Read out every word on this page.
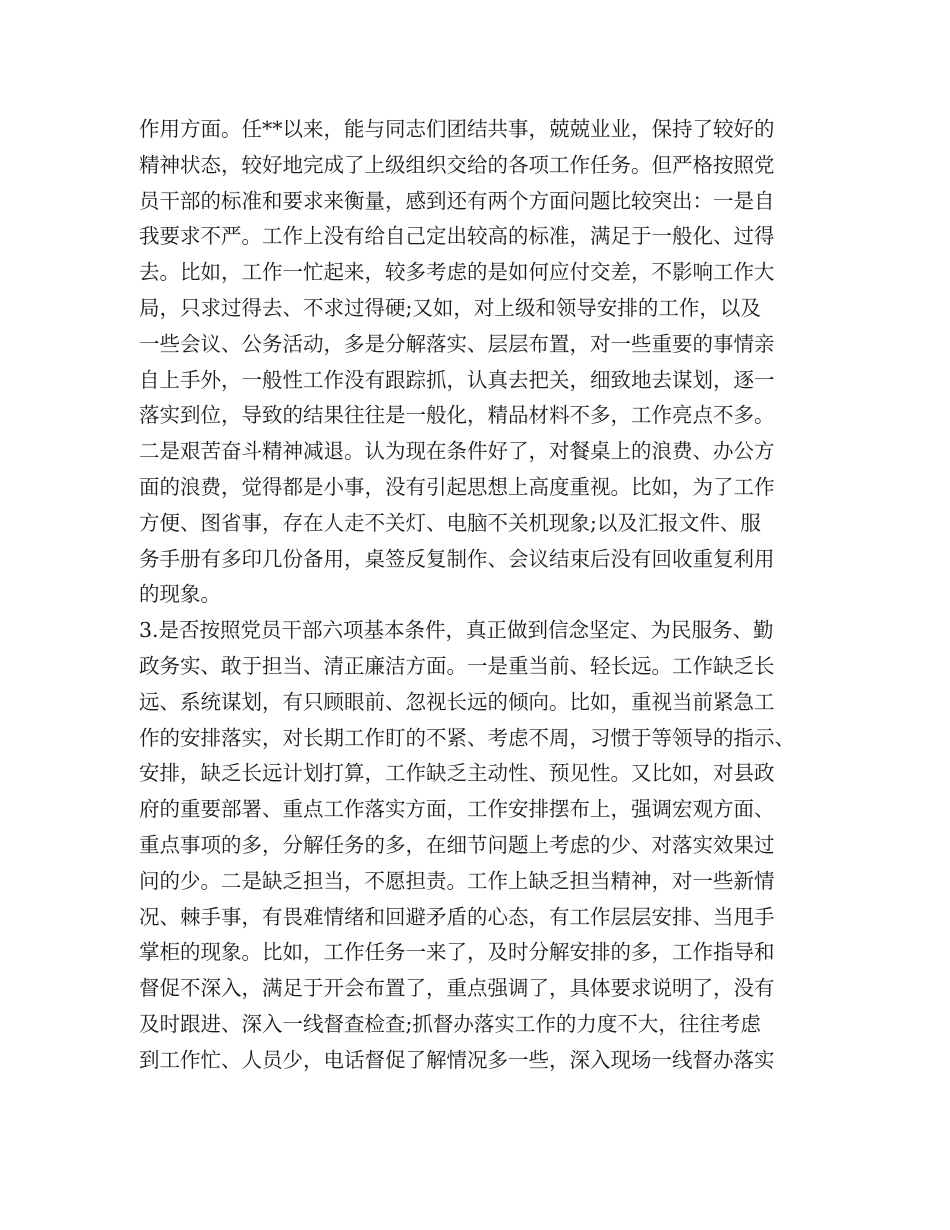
作用方面。任**以来，能与同志们团结共事，兢兢业业，保持了较好的
精神状态，较好地完成了上级组织交给的各项工作任务。但严格按照党
员干部的标准和要求来衡量，感到还有两个方面问题比较突出：一是自
我要求不严。工作上没有给自己定出较高的标准，满足于一般化、过得
去。比如，工作一忙起来，较多考虑的是如何应付交差，不影响工作大
局，只求过得去、不求过得硬;又如，对上级和领导安排的工作，以及
一些会议、公务活动，多是分解落实、层层布置，对一些重要的事情亲
自上手外，一般性工作没有跟踪抓，认真去把关，细致地去谋划，逐一
落实到位，导致的结果往往是一般化，精品材料不多，工作亮点不多。
二是艰苦奋斗精神减退。认为现在条件好了，对餐桌上的浪费、办公方
面的浪费，觉得都是小事，没有引起思想上高度重视。比如，为了工作
方便、图省事，存在人走不关灯、电脑不关机现象;以及汇报文件、服
务手册有多印几份备用，桌签反复制作、会议结束后没有回收重复利用
的现象。
3.是否按照党员干部六项基本条件，真正做到信念坚定、为民服务、勤
政务实、敢于担当、清正廉洁方面。一是重当前、轻长远。工作缺乏长
远、系统谋划，有只顾眼前、忽视长远的倾向。比如，重视当前紧急工
作的安排落实，对长期工作盯的不紧、考虑不周，习惯于等领导的指示、
安排，缺乏长远计划打算，工作缺乏主动性、预见性。又比如，对县政
府的重要部署、重点工作落实方面，工作安排摆布上，强调宏观方面、
重点事项的多，分解任务的多，在细节问题上考虑的少、对落实效果过
问的少。二是缺乏担当，不愿担责。工作上缺乏担当精神，对一些新情
况、棘手事，有畏难情绪和回避矛盾的心态，有工作层层安排、当甩手
掌柜的现象。比如，工作任务一来了，及时分解安排的多，工作指导和
督促不深入，满足于开会布置了，重点强调了，具体要求说明了，没有
及时跟进、深入一线督查检查;抓督办落实工作的力度不大，往往考虑
到工作忙、人员少，电话督促了解情况多一些，深入现场一线督办落实
